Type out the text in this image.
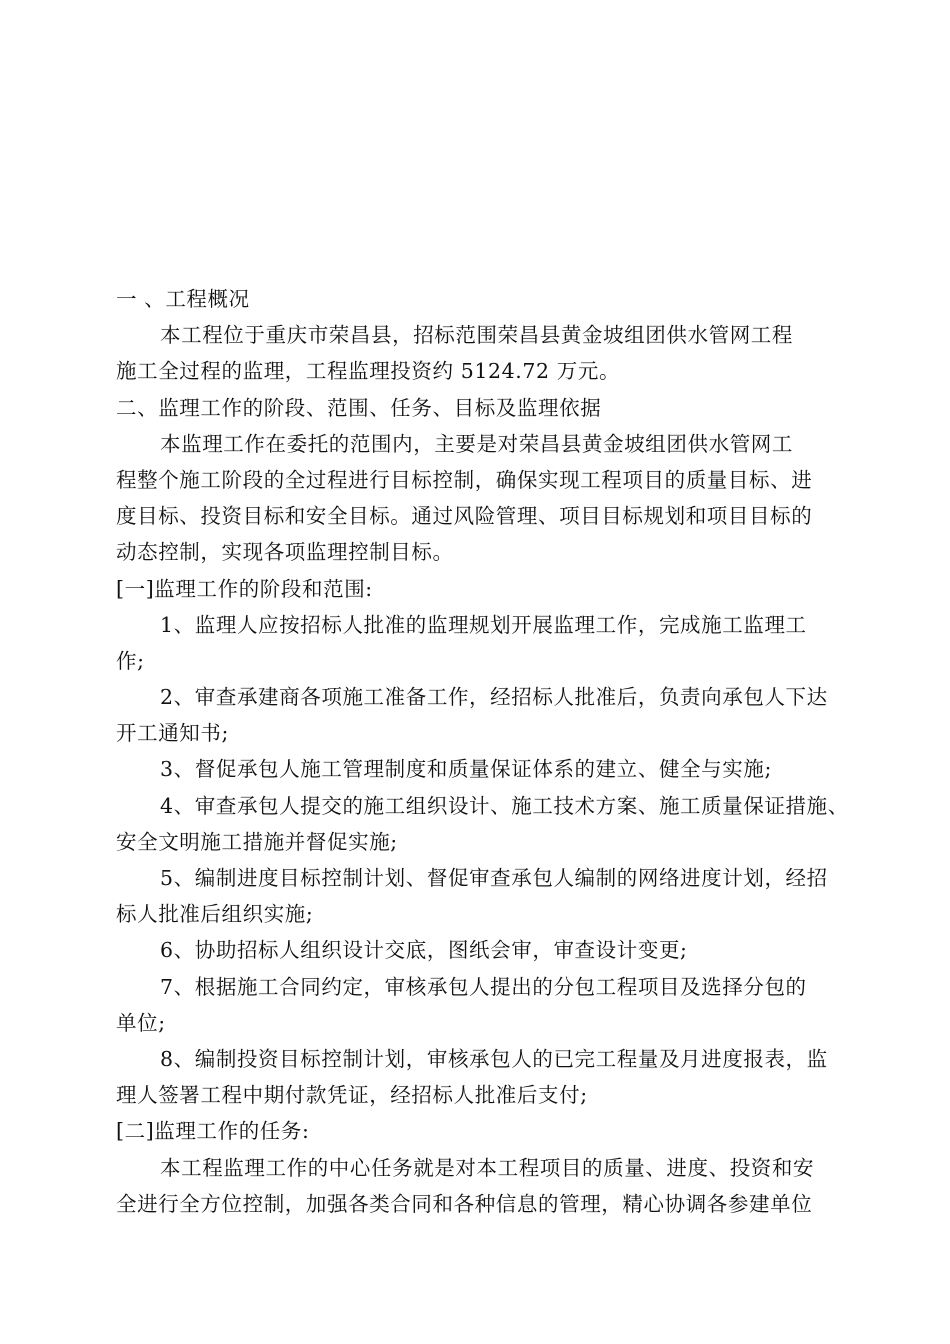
一 、工程概况
本工程位于重庆市荣昌县，招标范围荣昌县黄金坡组团供水管网工程
施工全过程的监理，工程监理投资约 5124.72 万元。
二、监理工作的阶段、范围、任务、目标及监理依据
本监理工作在委托的范围内，主要是对荣昌县黄金坡组团供水管网工
程整个施工阶段的全过程进行目标控制，确保实现工程项目的质量目标、进
度目标、投资目标和安全目标。通过风险管理、项目目标规划和项目目标的
动态控制，实现各项监理控制目标。
[一]监理工作的阶段和范围:
1、监理人应按招标人批准的监理规划开展监理工作，完成施工监理工
作;
2、审查承建商各项施工准备工作，经招标人批准后，负责向承包人下达
开工通知书;
3、督促承包人施工管理制度和质量保证体系的建立、健全与实施;
4、审查承包人提交的施工组织设计、施工技术方案、施工质量保证措施、
安全文明施工措施并督促实施;
5、编制进度目标控制计划、督促审查承包人编制的网络进度计划，经招
标人批准后组织实施;
6、协助招标人组织设计交底，图纸会审，审查设计变更;
7、根据施工合同约定，审核承包人提出的分包工程项目及选择分包的
单位;
8、编制投资目标控制计划，审核承包人的已完工程量及月进度报表，监
理人签署工程中期付款凭证，经招标人批准后支付;
[二]监理工作的任务:
本工程监理工作的中心任务就是对本工程项目的质量、进度、投资和安
全进行全方位控制，加强各类合同和各种信息的管理，精心协调各参建单位
